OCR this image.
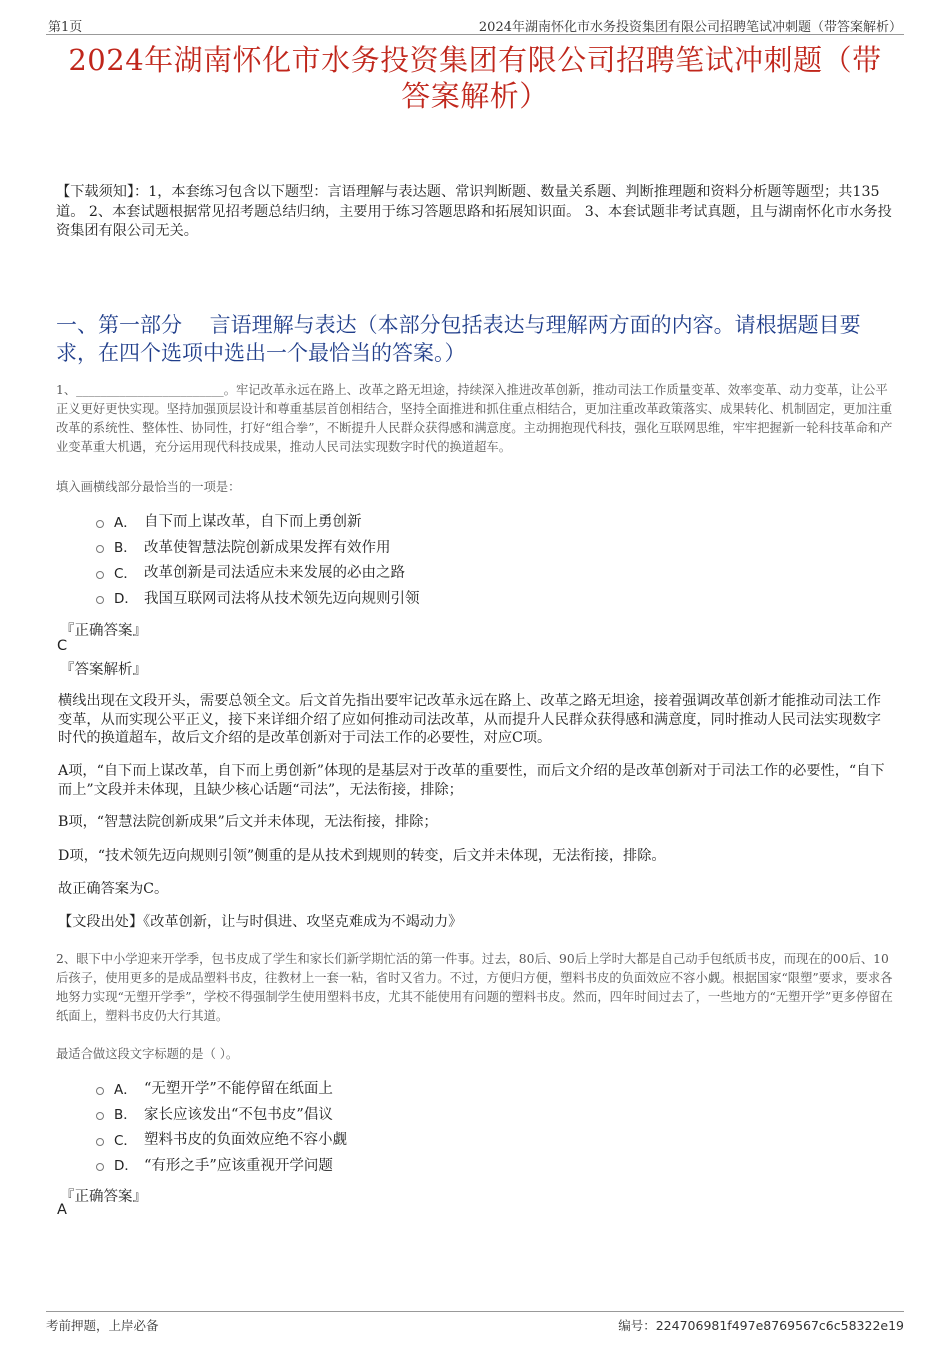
第1页	2024年湖南怀化市水务投资集团有限公司招聘笔试冲刺题（带答案解析）
2024年湖南怀化市水务投资集团有限公司招聘笔试冲刺题（带
答案解析）
【下载须知】：1，本套练习包含以下题型：言语理解与表达题、常识判断题、数量关系题、判断推理题和资料分析题等题型；共135道。 2、本套试题根据常见招考题总结归纳，主要用于练习答题思路和拓展知识面。 3、本套试题非考试真题，且与湖南怀化市水务投资集团有限公司无关。
一、第一部分　 言语理解与表达（本部分包括表达与理解两方面的内容。请根据题目要求，在四个选项中选出一个最恰当的答案。）
1、________________________。牢记改革永远在路上、改革之路无坦途，持续深入推进改革创新，推动司法工作质量变革、效率变革、动力变革，让公平正义更好更快实现。坚持加强顶层设计和尊重基层首创相结合，坚持全面推进和抓住重点相结合，更加注重改革政策落实、成果转化、机制固定，更加注重改革的系统性、整体性、协同性，打好“组合拳”，不断提升人民群众获得感和满意度。主动拥抱现代科技，强化互联网思维，牢牢把握新一轮科技革命和产业变革重大机遇，充分运用现代科技成果，推动人民司法实现数字时代的换道超车。
填入画横线部分最恰当的一项是：
A． 自下而上谋改革，自下而上勇创新
B． 改革使智慧法院创新成果发挥有效作用
C． 改革创新是司法适应未来发展的必由之路
D． 我国互联网司法将从技术领先迈向规则引领
『正确答案』
C
『答案解析』
横线出现在文段开头，需要总领全文。后文首先指出要牢记改革永远在路上、改革之路无坦途，接着强调改革创新才能推动司法工作变革，从而实现公平正义，接下来详细介绍了应如何推动司法改革，从而提升人民群众获得感和满意度，同时推动人民司法实现数字时代的换道超车，故后文介绍的是改革创新对于司法工作的必要性，对应C项。
A项，“自下而上谋改革，自下而上勇创新”体现的是基层对于改革的重要性，而后文介绍的是改革创新对于司法工作的必要性，“自下而上”文段并未体现，且缺少核心话题“司法”，无法衔接，排除；
B项，“智慧法院创新成果”后文并未体现，无法衔接，排除；
D项，“技术领先迈向规则引领”侧重的是从技术到规则的转变，后文并未体现，无法衔接，排除。
故正确答案为C。
【文段出处】《改革创新，让与时俱进、攻坚克难成为不竭动力》
2、眼下中小学迎来开学季，包书皮成了学生和家长们新学期忙活的第一件事。过去，80后、90后上学时大都是自己动手包纸质书皮，而现在的00后、10后孩子，使用更多的是成品塑料书皮，往教材上一套一粘，省时又省力。不过，方便归方便，塑料书皮的负面效应不容小觑。根据国家“限塑”要求，要求各地努力实现“无塑开学季”，学校不得强制学生使用塑料书皮，尤其不能使用有问题的塑料书皮。然而，四年时间过去了，一些地方的“无塑开学”更多停留在纸面上，塑料书皮仍大行其道。
最适合做这段文字标题的是（ ）。
A． “无塑开学”不能停留在纸面上
B． 家长应该发出“不包书皮”倡议
C． 塑料书皮的负面效应绝不容小觑
D． “有形之手”应该重视开学问题
『正确答案』
A
考前押题，上岸必备	编号：224706981f497e8769567c6c58322e19
